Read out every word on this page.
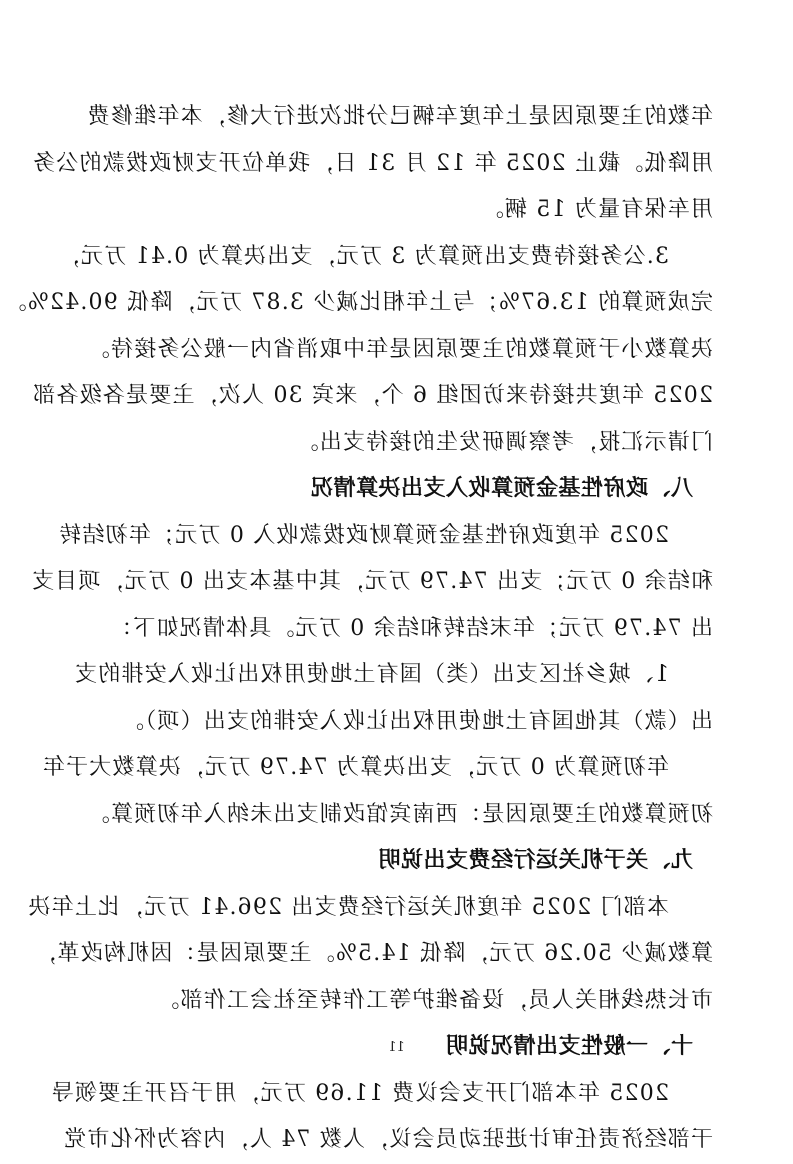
年数的主要原因是上年度车辆已分批次进行大修，本年维修费
用降低。截止 2025 年 12 月 31 日，我单位开支财政拨款的公务
用车保有量为 15 辆。
3.公务接待费支出预算为 3 万元，支出决算为 0.41 万元，
完成预算的 13.67%；与上年相比减少 3.87 万元，降低 90.42%。
决算数小于预算数的主要原因是年中取消省内一般公务接待。
2025 年度共接待来访团组 6 个，来宾 30 人次，主要是各级各部
门请示汇报，考察调研发生的接待支出。
八、政府性基金预算收入支出决算情况
2025 年度政府性基金预算财政拨款收入 0 万元；年初结转
和结余 0 万元；支出 74.79 万元，其中基本支出 0 万元，项目支
出 74.79 万元；年末结转和结余 0 万元。具体情况如下：
1、城乡社区支出（类）国有土地使用权出让收入安排的支
出（款）其他国有土地使用权出让收入安排的支出（项）。
年初预算为 0 万元，支出决算为 74.79 万元，决算数大于年
初预算数的主要原因是：西南宾馆改制支出未纳入年初预算。
九、关于机关运行经费支出说明
本部门 2025 年度机关运行经费支出 296.41 万元，比上年决
算数减少 50.26 万元，降低 14.5%。主要原因是：因机构改革，
市长热线相关人员，设备维护等工作转至社会工作部。
十、一般性支出情况说明
2025 年本部门开支会议费 11.69 万元，用于召开主要领导
干部经济责任审计进驻动员会议，人数 74 人，内容为怀化市党
11
